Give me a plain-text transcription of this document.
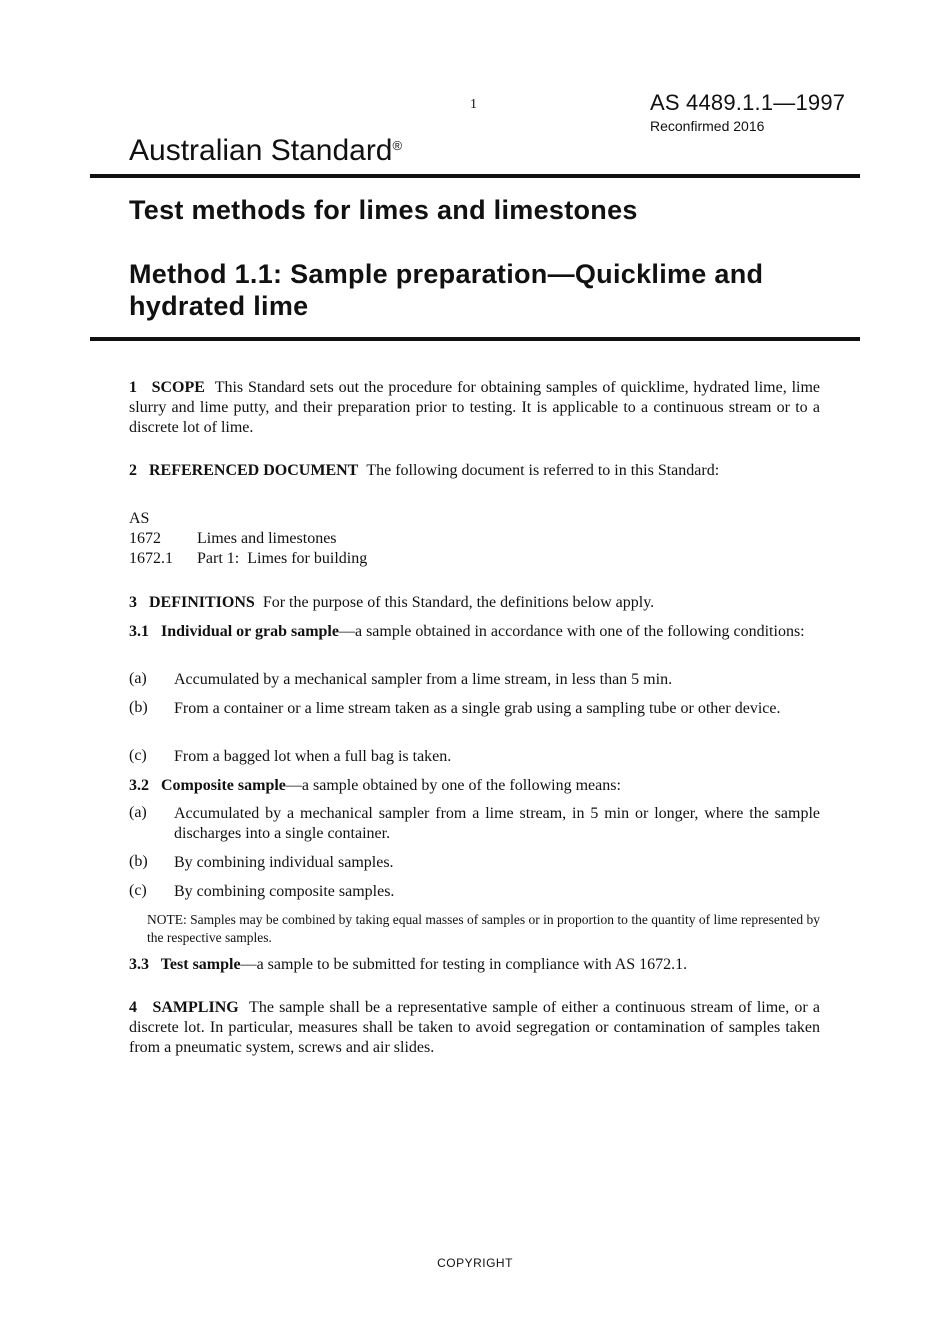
1	AS 4489.1.1—1997
Reconfirmed 2016
Australian Standard®
Test methods for limes and limestones
Method 1.1: Sample preparation—Quicklime and hydrated lime
1   SCOPE This Standard sets out the procedure for obtaining samples of quicklime, hydrated lime, lime slurry and lime putty, and their preparation prior to testing. It is applicable to a continuous stream or to a discrete lot of lime.
2   REFERENCED DOCUMENT The following document is referred to in this Standard:
AS
1672 Limes and limestones
1672.1 Part 1:  Limes for building
3   DEFINITIONS For the purpose of this Standard, the definitions below apply.
3.1   Individual or grab sample—a sample obtained in accordance with one of the following conditions:
(a) Accumulated by a mechanical sampler from a lime stream, in less than 5 min.
(b) From a container or a lime stream taken as a single grab using a sampling tube or other device.
(c) From a bagged lot when a full bag is taken.
3.2   Composite sample—a sample obtained by one of the following means:
(a) Accumulated by a mechanical sampler from a lime stream, in 5 min or longer, where the sample discharges into a single container.
(b) By combining individual samples.
(c) By combining composite samples.
NOTE: Samples may be combined by taking equal masses of samples or in proportion to the quantity of lime represented by the respective samples.
3.3   Test sample—a sample to be submitted for testing in compliance with AS 1672.1.
4   SAMPLING The sample shall be a representative sample of either a continuous stream of lime, or a discrete lot. In particular, measures shall be taken to avoid segregation or contamination of samples taken from a pneumatic system, screws and air slides.
COPYRIGHT
